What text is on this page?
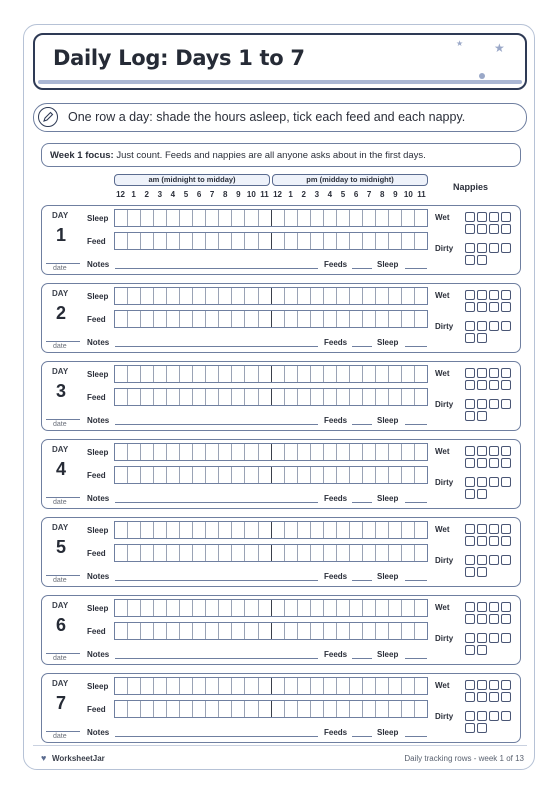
Daily Log: Days 1 to 7
★	★
One row a day: shade the hours asleep, tick each feed and each nappy.
Week 1 focus: Just count. Feeds and nappies are all anyone asks about in the first days.
am (midnight to midday)	pm (midday to midnight)
Nappies
12 1	2	3	4	5	6	7	8	9 10 11 12 1	2	3	4	5	6	7	8	9 10 11
DAY
1
date
Sleep
Feed
Notes	Feeds	Sleep
Wet
Dirty
DAY
2
date
Sleep
Feed
Notes	Feeds	Sleep
Wet
Dirty
DAY
3
date
Sleep
Feed
Notes	Feeds	Sleep
Wet
Dirty
DAY
4
date
Sleep
Feed
Notes	Feeds	Sleep
Wet
Dirty
DAY
5
date
Sleep
Feed
Notes	Feeds	Sleep
Wet
Dirty
DAY
6
date
Sleep
Feed
Notes	Feeds	Sleep
Wet
Dirty
DAY
7
date
Sleep
Feed
Notes	Feeds	Sleep
Wet
Dirty
♥ WorksheetJar	Daily tracking rows - week 1 of 13
